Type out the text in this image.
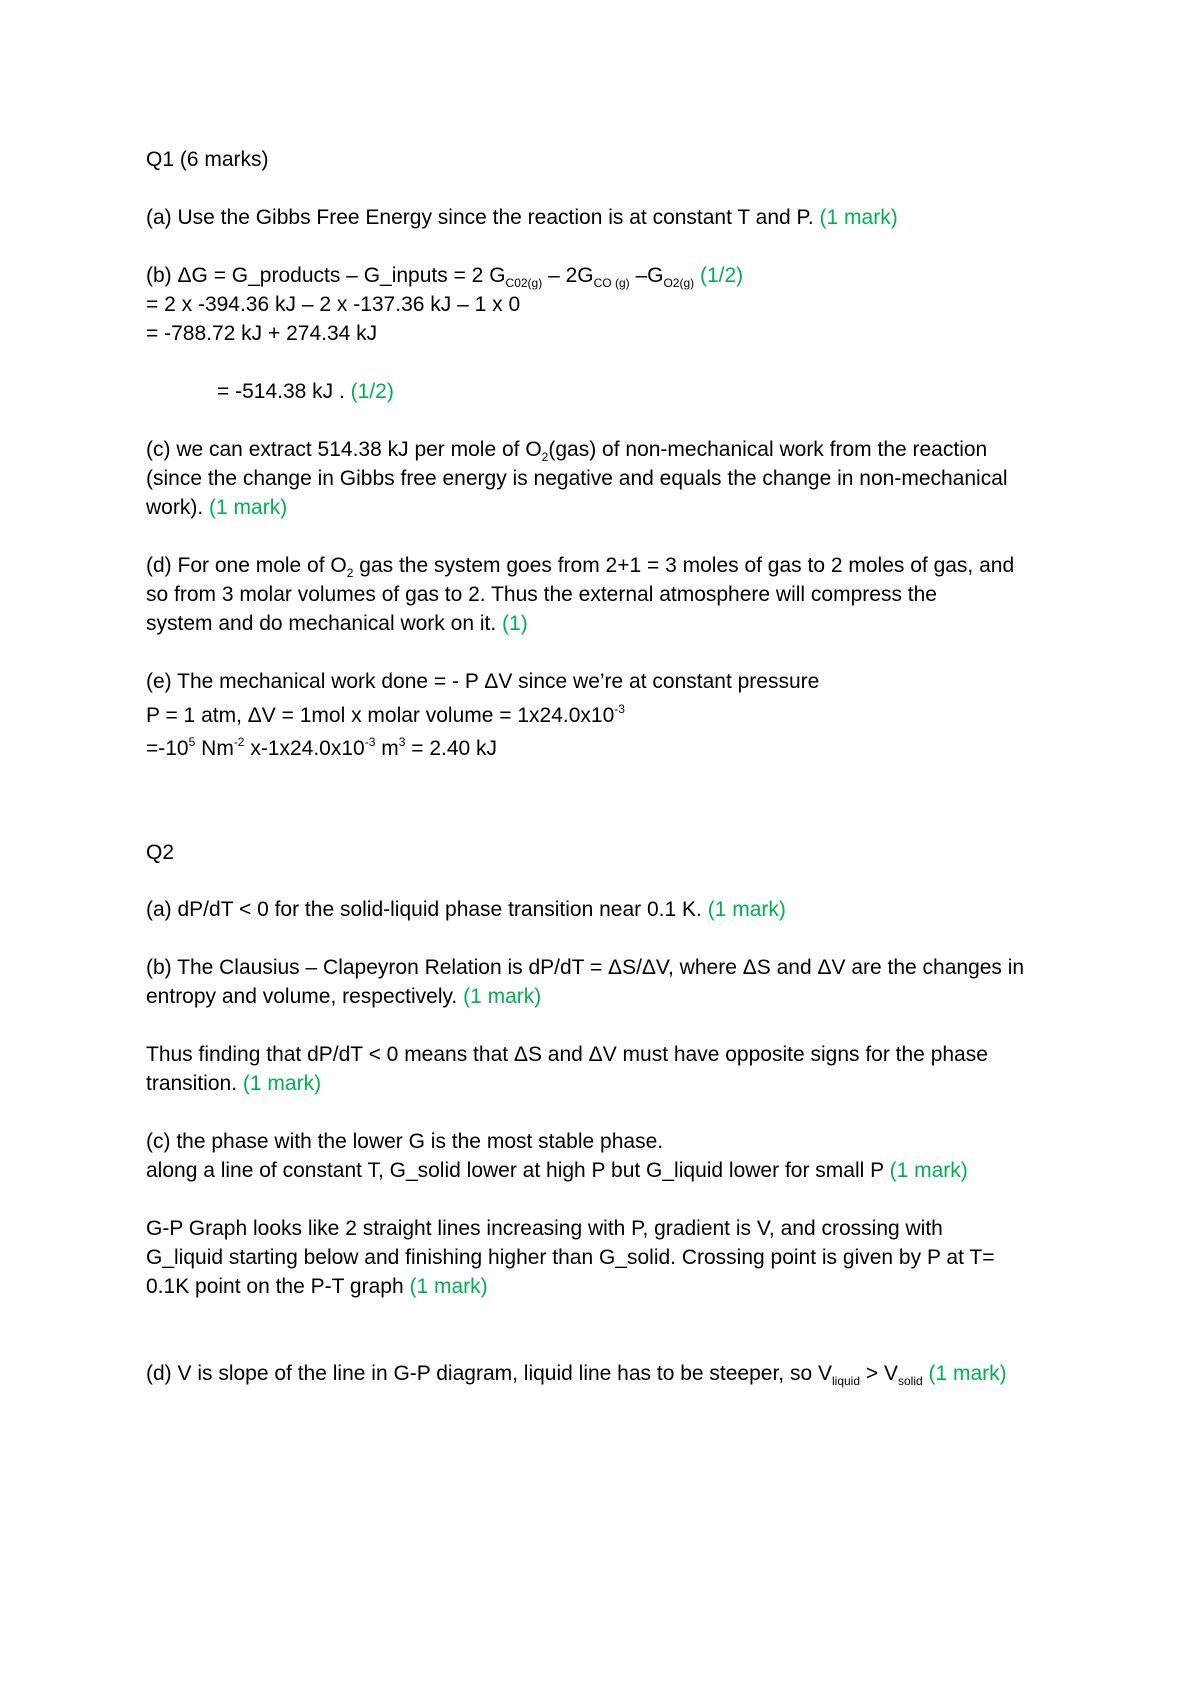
Q1 (6 marks)
(a) Use the Gibbs Free Energy since the reaction is at constant T and P. (1 mark)
(b) ΔG = G_products – G_inputs = 2 $G_{C02(g)} - 2G_{CO (g)}$ $-G_{O2(g)}$ (1/2)
= 2 x -394.36 kJ – 2 x -137.36 kJ – 1 x 0
= -788.72 kJ + 274.34 kJ
= -514.38 kJ . (1/2)
(c) we can extract 514.38 kJ per mole of $O_2(gas)$ of non-mechanical work from the reaction
(since the change in Gibbs free energy is negative and equals the change in non-mechanical
work). (1 mark)
(d) For one mole of $O_2$ gas the system goes from 2+1 = 3 moles of gas to 2 moles of gas, and
so from 3 molar volumes of gas to 2. Thus the external atmosphere will compress the
system and do mechanical work on it. (1)
(e) The mechanical work done = - P ΔV since we’re at constant pressure
P = 1 atm, ΔV = 1mol x molar volume = $1x24.0x10^{-3}$
$=-10^5$ $Nm^{-2}$ $x-1x24.0x10^{-3}$ $m^3 = 2.40$ kJ
Q2
(a) dP/dT < 0 for the solid-liquid phase transition near 0.1 K. (1 mark)
(b) The Clausius – Clapeyron Relation is dP/dT = ΔS/ΔV, where ΔS and ΔV are the changes in
entropy and volume, respectively. (1 mark)
Thus finding that dP/dT < 0 means that ΔS and ΔV must have opposite signs for the phase
transition. (1 mark)
(c) the phase with the lower G is the most stable phase.
along a line of constant T, G_solid lower at high P but G_liquid lower for small P (1 mark)
G-P Graph looks like 2 straight lines increasing with P, gradient is V, and crossing with
G_liquid starting below and finishing higher than G_solid. Crossing point is given by P at T=
0.1K point on the P-T graph (1 mark)
(d) V is slope of the line in G-P diagram, liquid line has to be steeper, so $V_{liquid} > V_{solid}$ (1 mark)
